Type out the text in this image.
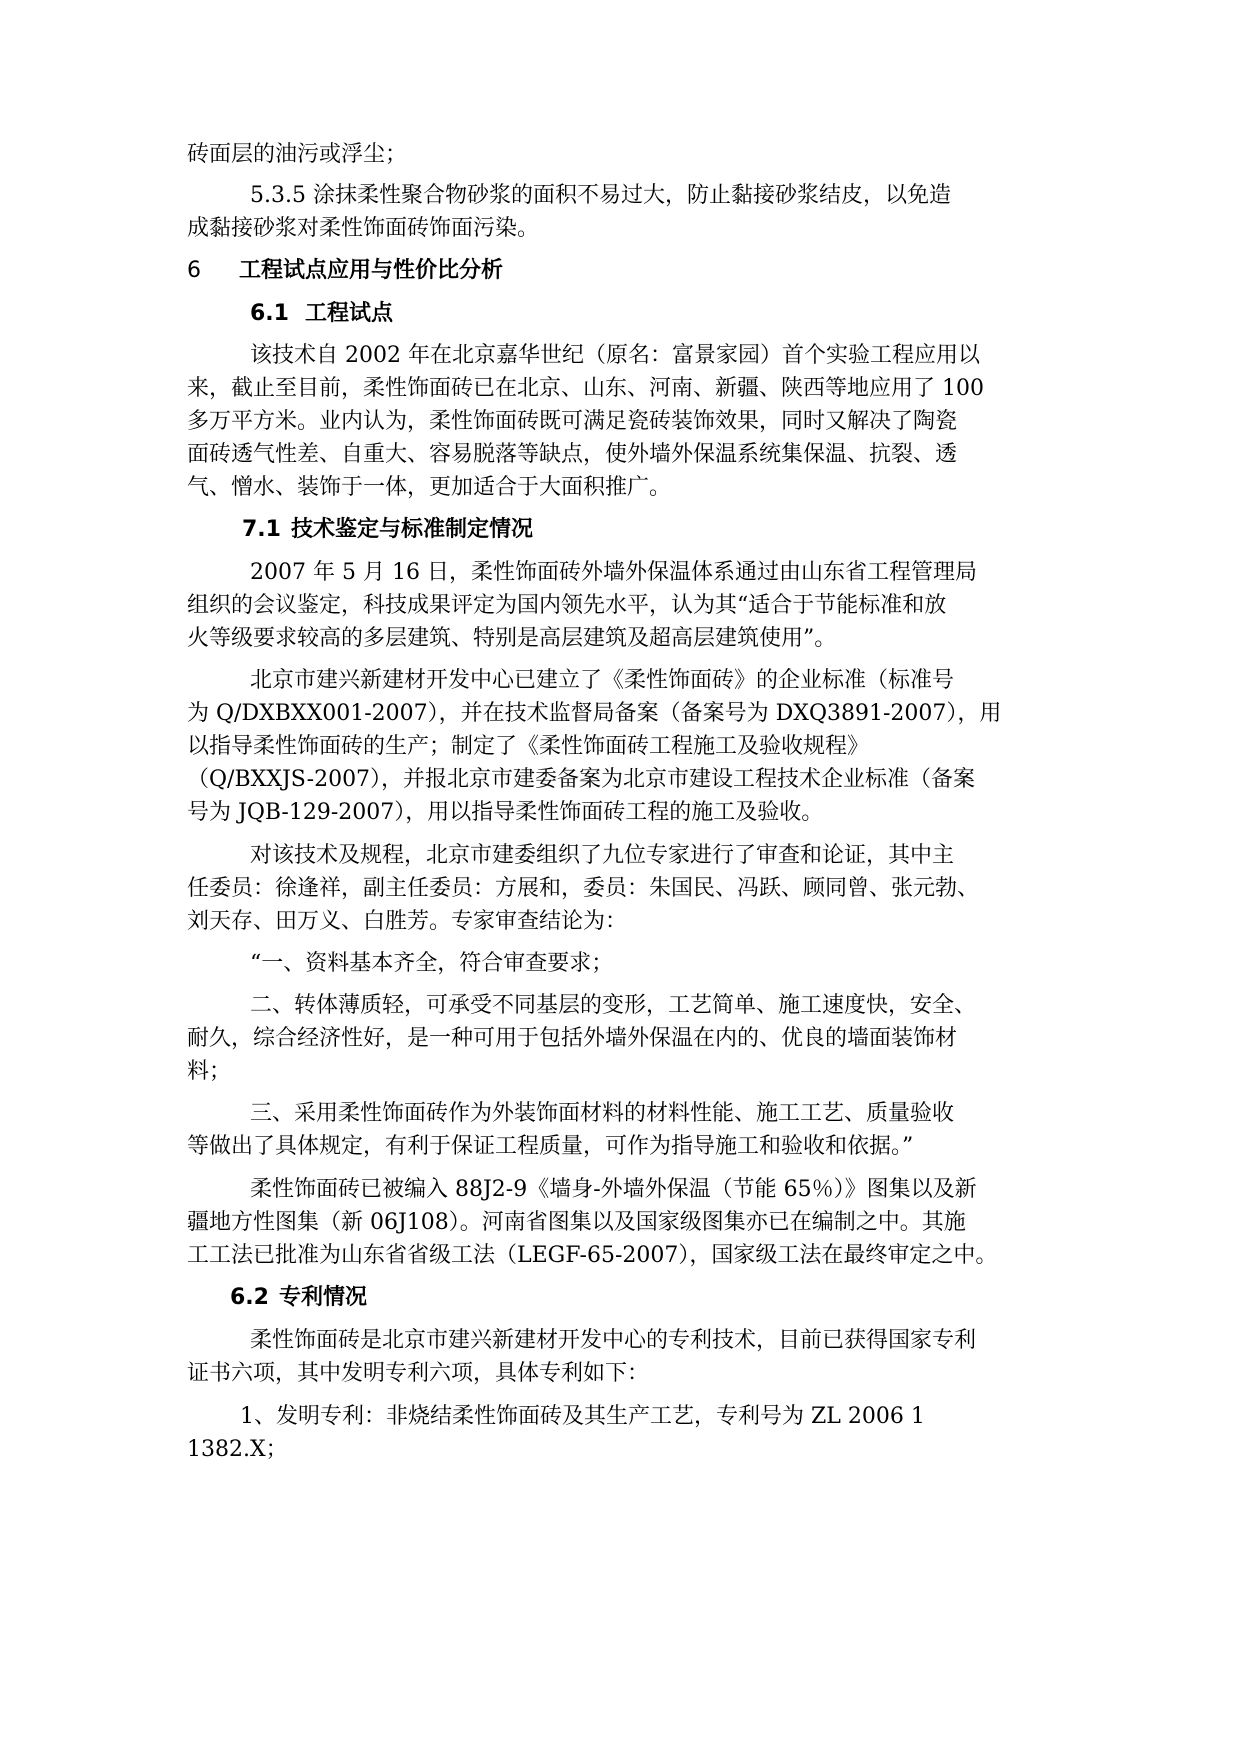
砖面层的油污或浮尘；

5.3.5 涂抹柔性聚合物砂浆的面积不易过大，防止黏接砂浆结皮，以免造

成黏接砂浆对柔性饰面砖饰面污染。

6 工程试点应用与性价比分析

6.1 工程试点

该技术自 2002 年在北京嘉华世纪（原名：富景家园）首个实验工程应用以

来，截止至目前，柔性饰面砖已在北京、山东、河南、新疆、陕西等地应用了 100

多万平方米。业内认为，柔性饰面砖既可满足瓷砖装饰效果，同时又解决了陶瓷

面砖透气性差、自重大、容易脱落等缺点，使外墙外保温系统集保温、抗裂、透

气、憎水、装饰于一体，更加适合于大面积推广。

7.1 技术鉴定与标准制定情况

2007 年 5 月 16 日，柔性饰面砖外墙外保温体系通过由山东省工程管理局

组织的会议鉴定，科技成果评定为国内领先水平，认为其“适合于节能标准和放

火等级要求较高的多层建筑、特别是高层建筑及超高层建筑使用”。

北京市建兴新建材开发中心已建立了《柔性饰面砖》的企业标准（标准号

为 Q/DXBXX001-2007），并在技术监督局备案（备案号为 DXQ3891-2007），用

以指导柔性饰面砖的生产；制定了《柔性饰面砖工程施工及验收规程》

（Q/BXXJS-2007），并报北京市建委备案为北京市建设工程技术企业标准（备案

号为 JQB-129-2007），用以指导柔性饰面砖工程的施工及验收。

对该技术及规程，北京市建委组织了九位专家进行了审查和论证，其中主

任委员：徐逢祥，副主任委员：方展和，委员：朱国民、冯跃、顾同曾、张元勃、

刘天存、田万义、白胜芳。专家审查结论为：

“一、资料基本齐全，符合审查要求；

二、转体薄质轻，可承受不同基层的变形，工艺简单、施工速度快，安全、

耐久，综合经济性好，是一种可用于包括外墙外保温在内的、优良的墙面装饰材

料；

三、采用柔性饰面砖作为外装饰面材料的材料性能、施工工艺、质量验收

等做出了具体规定，有利于保证工程质量，可作为指导施工和验收和依据。”

柔性饰面砖已被编入 88J2-9《墙身-外墙外保温（节能 65％）》图集以及新

疆地方性图集（新 06J108）。河南省图集以及国家级图集亦已在编制之中。其施

工工法已批准为山东省省级工法（LEGF-65-2007），国家级工法在最终审定之中。

6.2 专利情况

柔性饰面砖是北京市建兴新建材开发中心的专利技术，目前已获得国家专利

证书六项，其中发明专利六项，具体专利如下：

1、发明专利：非烧结柔性饰面砖及其生产工艺，专利号为 ZL 2006 1

1382.X；
